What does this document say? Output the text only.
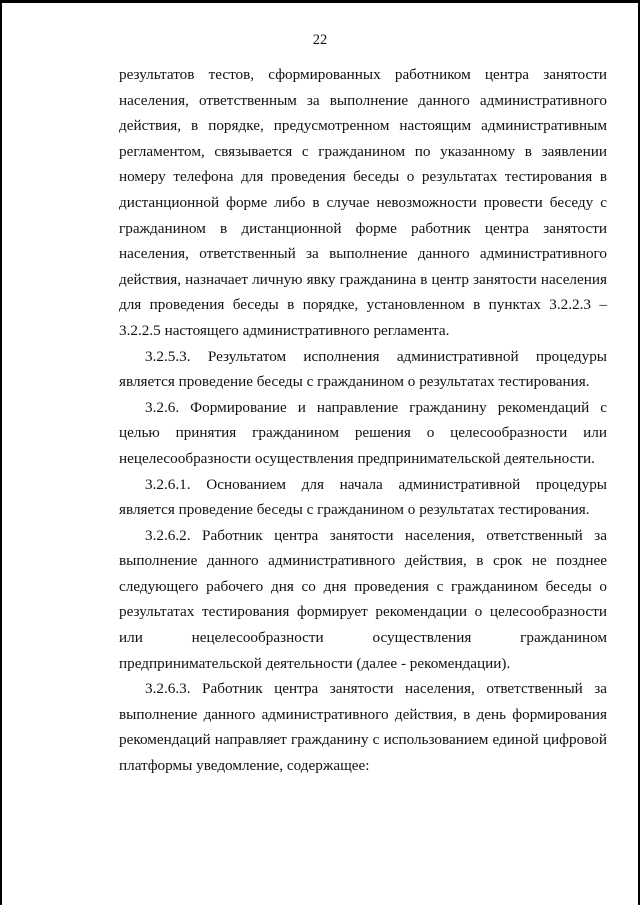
22

результатов тестов, сформированных работником центра занятости населения, ответственным за выполнение данного административного действия, в порядке, предусмотренном настоящим административным регламентом, связывается с гражданином по указанному в заявлении номеру телефона для проведения беседы о результатах тестирования в дистанционной форме либо в случае невозможности провести беседу с гражданином в дистанционной форме работник центра занятости населения, ответственный за выполнение данного административного действия, назначает личную явку гражданина в центр занятости населения для проведения беседы в порядке, установленном в пунктах 3.2.2.3 – 3.2.2.5 настоящего административного регламента.

3.2.5.3. Результатом исполнения административной процедуры является проведение беседы с гражданином о результатах тестирования.

3.2.6. Формирование и направление гражданину рекомендаций с целью принятия гражданином решения о целесообразности или нецелесообразности осуществления предпринимательской деятельности.

3.2.6.1. Основанием для начала административной процедуры является проведение беседы с гражданином о результатах тестирования.

3.2.6.2. Работник центра занятости населения, ответственный за выполнение данного административного действия, в срок не позднее следующего рабочего дня со дня проведения с гражданином беседы о результатах тестирования формирует рекомендации о целесообразности или нецелесообразности осуществления гражданином предпринимательской деятельности (далее - рекомендации).

3.2.6.3. Работник центра занятости населения, ответственный за выполнение данного административного действия, в день формирования рекомендаций направляет гражданину с использованием единой цифровой платформы уведомление, содержащее:
